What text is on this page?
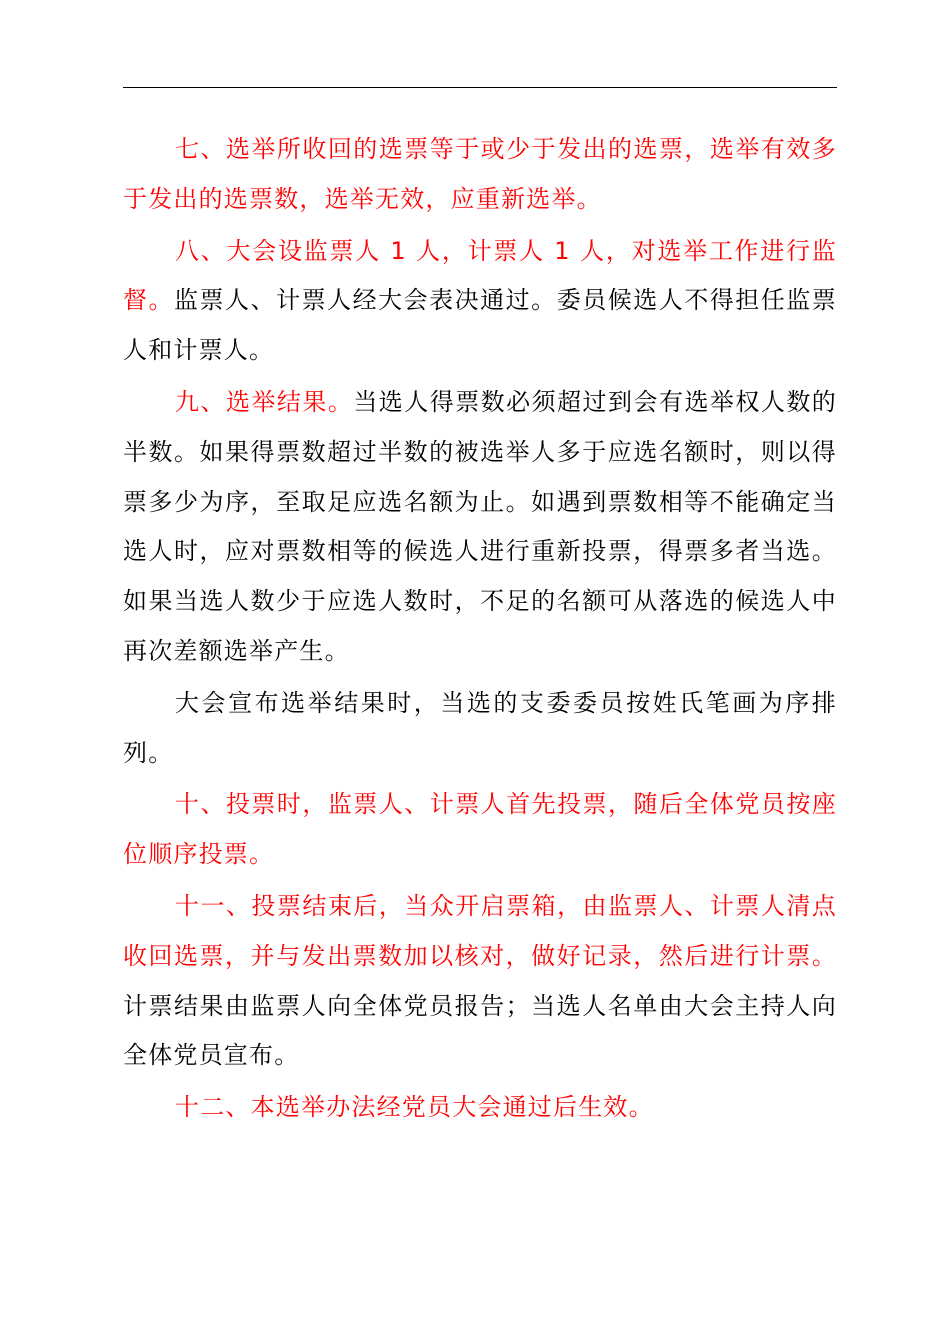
七、选举所收回的选票等于或少于发出的选票，选举有效多于发出的选票数，选举无效，应重新选举。

八、大会设监票人 1 人，计票人 1 人，对选举工作进行监督。监票人、计票人经大会表决通过。委员候选人不得担任监票人和计票人。

九、选举结果。当选人得票数必须超过到会有选举权人数的半数。如果得票数超过半数的被选举人多于应选名额时，则以得票多少为序，至取足应选名额为止。如遇到票数相等不能确定当选人时，应对票数相等的候选人进行重新投票，得票多者当选。如果当选人数少于应选人数时，不足的名额可从落选的候选人中再次差额选举产生。

大会宣布选举结果时，当选的支委委员按姓氏笔画为序排列。

十、投票时，监票人、计票人首先投票，随后全体党员按座位顺序投票。

十一、投票结束后，当众开启票箱，由监票人、计票人清点收回选票，并与发出票数加以核对，做好记录，然后进行计票。计票结果由监票人向全体党员报告；当选人名单由大会主持人向全体党员宣布。

十二、本选举办法经党员大会通过后生效。
